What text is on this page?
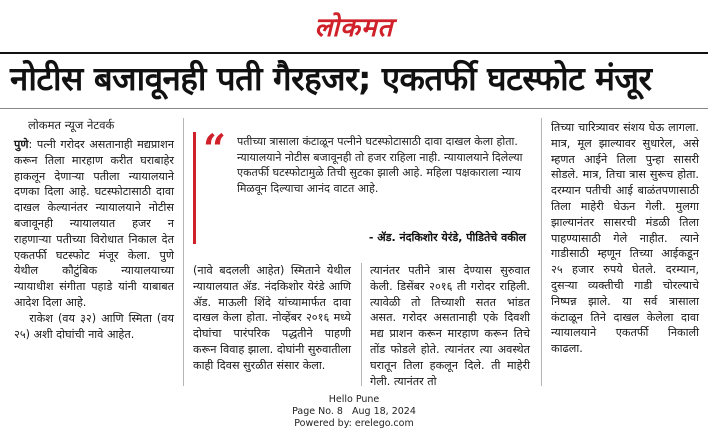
लोकमत
नोटीस बजावूनही पती गैरहजर; एकतर्फी घटस्फोट मंजूर
लोकमत न्यूज नेटवर्क

पुणे: पत्नी गरोदर असतानाही मद्यप्राशन करून तिला मारहाण करीत घराबाहेर हाकलून देणाऱ्या पतीला न्यायालयाने दणका दिला आहे. घटस्फोटासाठी दावा दाखल केल्यानंतर न्यायालयाने नोटीस बजावूनही न्यायालयात हजर न राहणाऱ्या पतीच्या विरोधात निकाल देत एकतर्फी घटस्फोट मंजूर केला. पुणे येथील कौटुंबिक न्यायालयाच्या न्यायाधीश संगीता पहाडे यांनी याबाबत आदेश दिला आहे.

राकेश (वय ३२) आणि स्मिता (वय २५) अशी दोघांची नावे आहेत.

“ पतीच्या त्रासाला कंटाळून पत्नीने घटस्फोटासाठी दावा दाखल केला होता. न्यायालयाने नोटीस बजावूनही तो हजर राहिला नाही. न्यायालयाने दिलेल्या एकतर्फी घटस्फोटामुळे तिची सुटका झाली आहे. महिला पक्षकाराला न्याय मिळवून दिल्याचा आनंद वाटत आहे.
- ॲड. नंदकिशोर येरंडे, पीडितेचे वकील

(नावे बदलली आहेत) स्मिताने येथील न्यायालयात ॲड. नंदकिशोर येरंडे आणि ॲड. माऊली शिंदे यांच्यामार्फत दावा दाखल केला होता. नोव्हेंबर २०१६ मध्ये दोघांचा पारंपरिक पद्धतीने पाहणी करून विवाह झाला. दोघांनी सुरुवातीला काही दिवस सुरळीत संसार केला.

त्यानंतर पतीने त्रास देण्यास सुरुवात केली. डिसेंबर २०१६ ती गरोदर राहिली. त्यावेळी तो तिच्याशी सतत भांडत असत. गरोदर असतानाही एके दिवशी मद्य प्राशन करून मारहाण करून तिचे तोंड फोडले होते. त्यानंतर त्या अवस्थेत घरातून तिला हकलून दिले. ती माहेरी गेली. त्यानंतर तो

तिच्या चारित्र्यावर संशय घेऊ लागला. मात्र, मूल झाल्यावर सुधारेल, असे म्हणत आईने तिला पुन्हा सासरी सोडले. मात्र, तिचा त्रास सुरूच होता. दरम्यान पतीची आई बाळंतपणासाठी तिला माहेरी घेऊन गेली. मुलगा झाल्यानंतर सासरची मंडळी तिला पाहण्यासाठी गेले नाहीत. त्याने गाडीसाठी म्हणून तिच्या आईकडून २५ हजार रुपये घेतले. दरम्यान, दुसऱ्या व्यक्तीची गाडी चोरल्याचे निष्पन्न झाले. या सर्व त्रासाला कंटाळून तिने दाखल केलेला दावा न्यायालयाने एकतर्फी निकाली काढला.

Hello Pune
Page No. 8 Aug 18, 2024
Powered by: erelego.com
